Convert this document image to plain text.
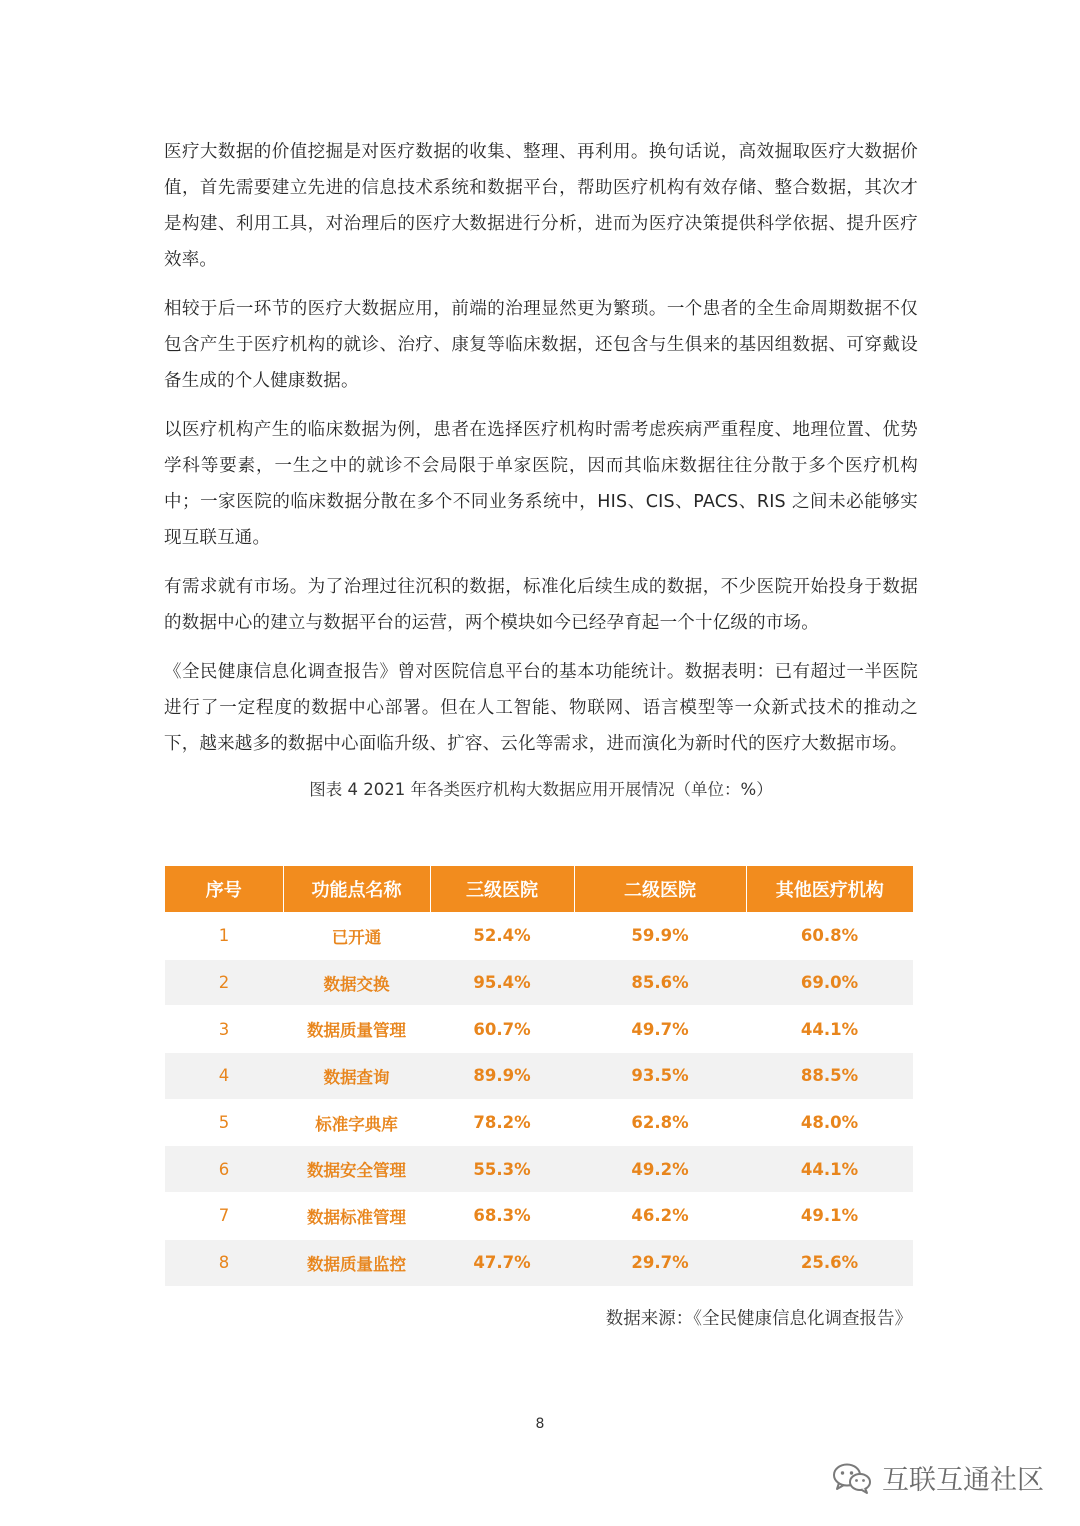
医疗大数据的价值挖掘是对医疗数据的收集、整理、再利用。换句话说，高效掘取医疗大数据价值，首先需要建立先进的信息技术系统和数据平台，帮助医疗机构有效存储、整合数据，其次才是构建、利用工具，对治理后的医疗大数据进行分析，进而为医疗决策提供科学依据、提升医疗效率。

相较于后一环节的医疗大数据应用，前端的治理显然更为繁琐。一个患者的全生命周期数据不仅包含产生于医疗机构的就诊、治疗、康复等临床数据，还包含与生俱来的基因组数据、可穿戴设备生成的个人健康数据。

以医疗机构产生的临床数据为例，患者在选择医疗机构时需考虑疾病严重程度、地理位置、优势学科等要素，一生之中的就诊不会局限于单家医院，因而其临床数据往往分散于多个医疗机构中；一家医院的临床数据分散在多个不同业务系统中，HIS、CIS、PACS、RIS 之间未必能够实现互联互通。

有需求就有市场。为了治理过往沉积的数据，标准化后续生成的数据，不少医院开始投身于数据的数据中心的建立与数据平台的运营，两个模块如今已经孕育起一个十亿级的市场。

《全民健康信息化调查报告》曾对医院信息平台的基本功能统计。数据表明：已有超过一半医院进行了一定程度的数据中心部署。但在人工智能、物联网、语言模型等一众新式技术的推动之下，越来越多的数据中心面临升级、扩容、云化等需求，进而演化为新时代的医疗大数据市场。

图表 4 2021 年各类医疗机构大数据应用开展情况（单位：%）

序号	功能点名称	三级医院	二级医院	其他医疗机构
1	已开通	52.4%	59.9%	60.8%
2	数据交换	95.4%	85.6%	69.0%
3	数据质量管理	60.7%	49.7%	44.1%
4	数据查询	89.9%	93.5%	88.5%
5	标准字典库	78.2%	62.8%	48.0%
6	数据安全管理	55.3%	49.2%	44.1%
7	数据标准管理	68.3%	46.2%	49.1%
8	数据质量监控	47.7%	29.7%	25.6%
数据来源：《全民健康信息化调查报告》
8
互联互通社区
